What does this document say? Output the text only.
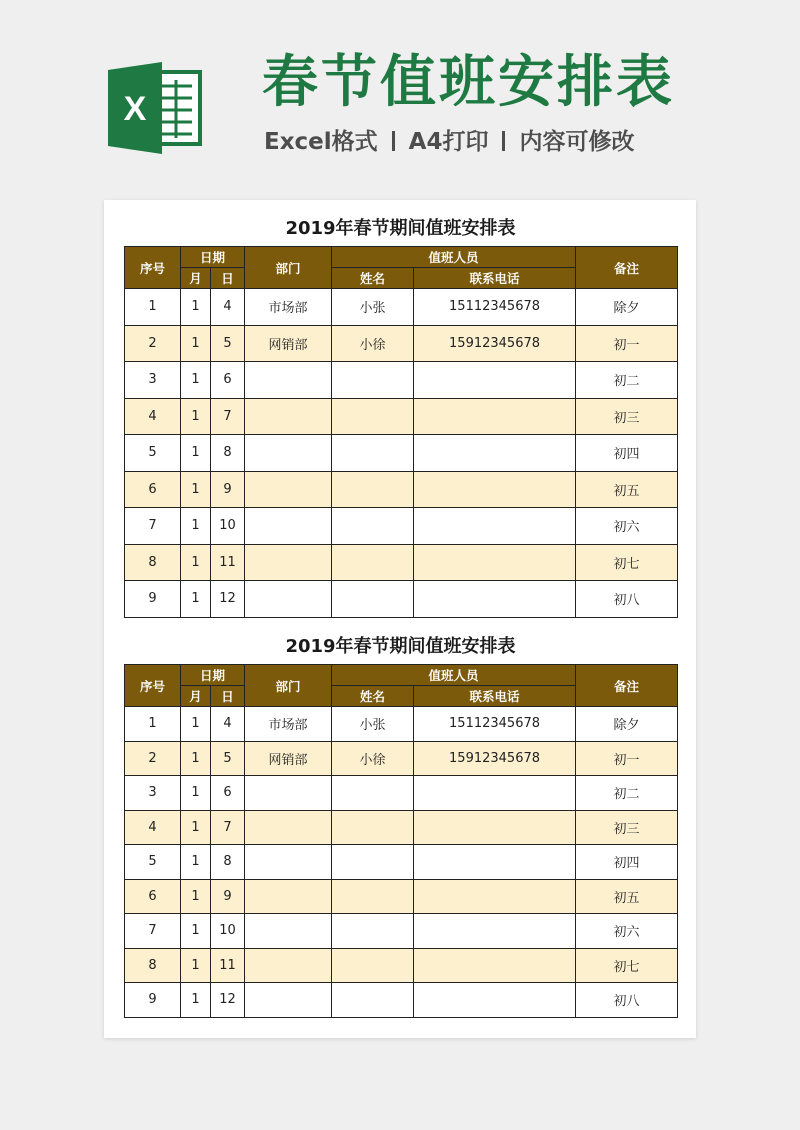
X 春节值班安排表
Excel格式 A4打印 内容可修改
2019年春节期间值班安排表
序号	日期		部门	值班人员		备注
	月	日		姓名	联系电话	
1	1	4	市场部	小张	15112345678	除夕
2	1	5	网销部	小徐	15912345678	初一
3	1	6				初二
4	1	7				初三
5	1	8				初四
6	1	9				初五
7	1	10				初六
8	1	11				初七
9	1	12				初八
2019年春节期间值班安排表
序号	日期		部门	值班人员		备注
	月	日		姓名	联系电话	
1	1	4	市场部	小张	15112345678	除夕
2	1	5	网销部	小徐	15912345678	初一
3	1	6				初二
4	1	7				初三
5	1	8				初四
6	1	9				初五
7	1	10				初六
8	1	11				初七
9	1	12				初八
